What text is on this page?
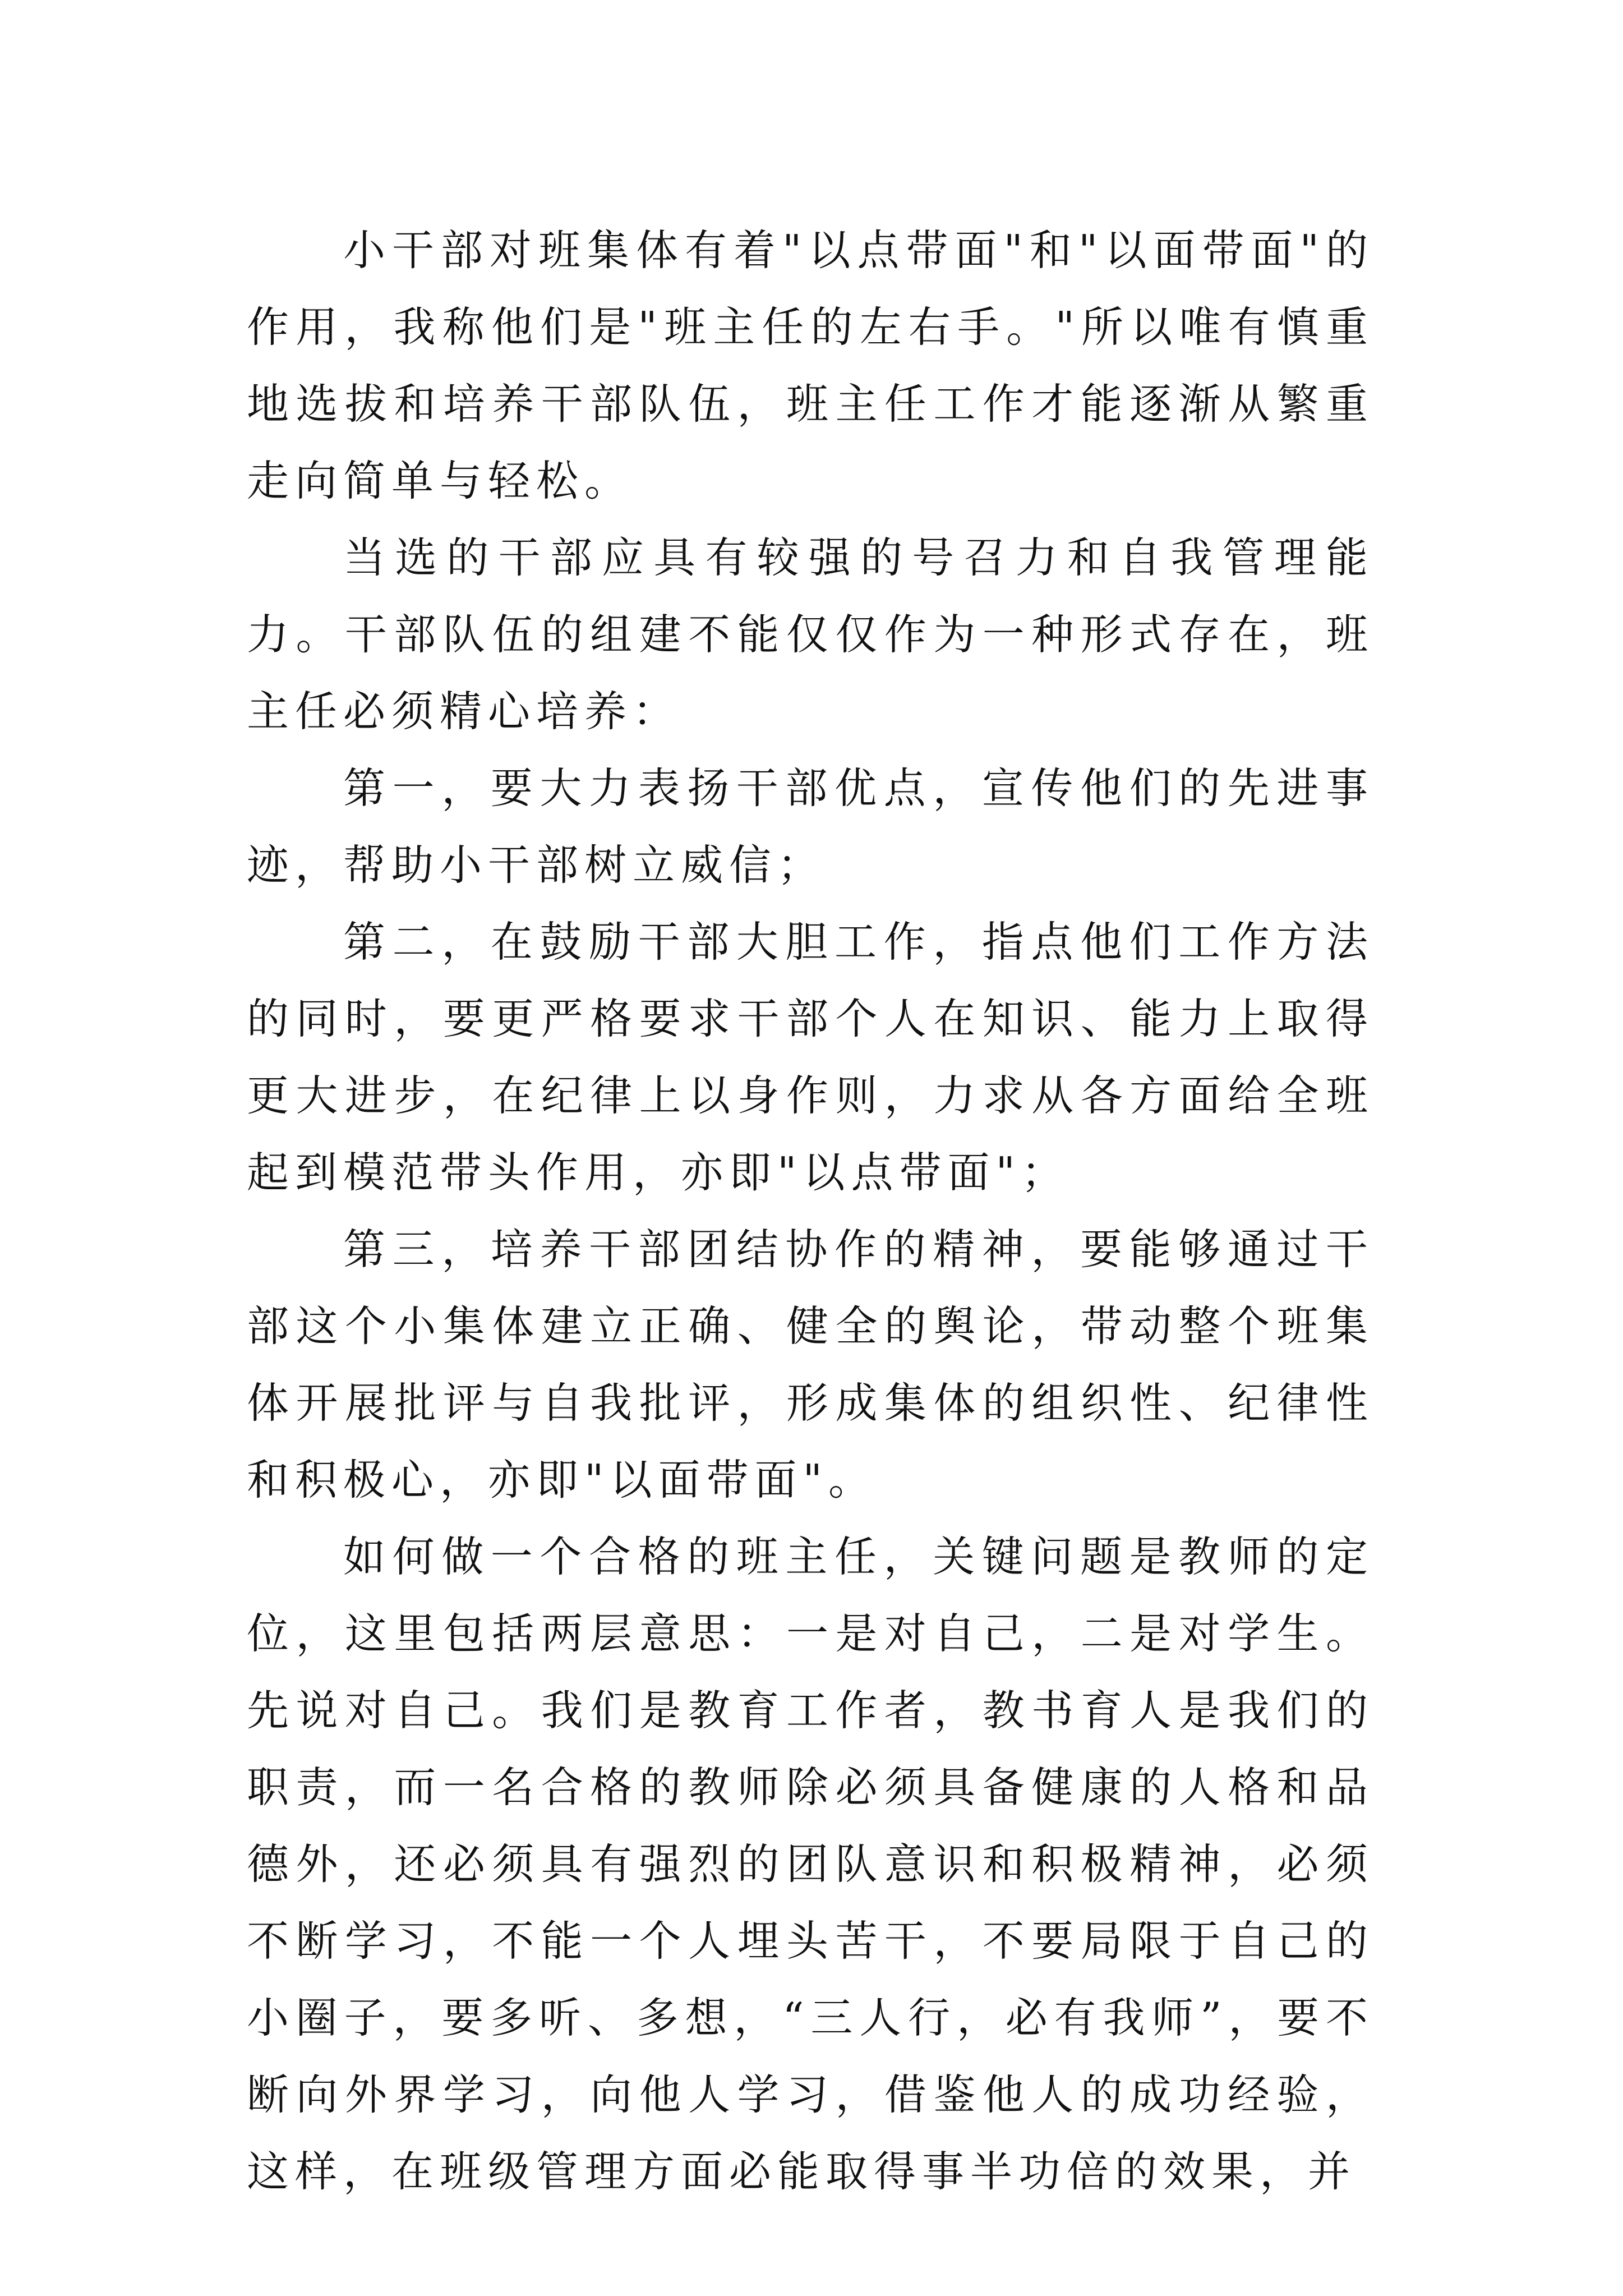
小干部对班集体有着"以点带面"和"以面带面"的作用，我称他们是"班主任的左右手。"所以唯有慎重地选拔和培养干部队伍，班主任工作才能逐渐从繁重走向简单与轻松。

当选的干部应具有较强的号召力和自我管理能力。干部队伍的组建不能仅仅作为一种形式存在，班主任必须精心培养：

第一，要大力表扬干部优点，宣传他们的先进事迹，帮助小干部树立威信；

第二，在鼓励干部大胆工作，指点他们工作方法的同时，要更严格要求干部个人在知识、能力上取得更大进步，在纪律上以身作则，力求从各方面给全班起到模范带头作用，亦即"以点带面"；

第三，培养干部团结协作的精神，要能够通过干部这个小集体建立正确、健全的舆论，带动整个班集体开展批评与自我批评，形成集体的组织性、纪律性和积极心，亦即"以面带面"。

如何做一个合格的班主任，关键问题是教师的定位，这里包括两层意思：一是对自己，二是对学生。先说对自己。我们是教育工作者，教书育人是我们的职责，而一名合格的教师除必须具备健康的人格和品德外，还必须具有强烈的团队意识和积极精神，必须不断学习，不能一个人埋头苦干，不要局限于自己的小圈子，要多听、多想，“三人行，必有我师”，要不断向外界学习，向他人学习，借鉴他人的成功经验，这样，在班级管理方面必能取得事半功倍的效果，并
